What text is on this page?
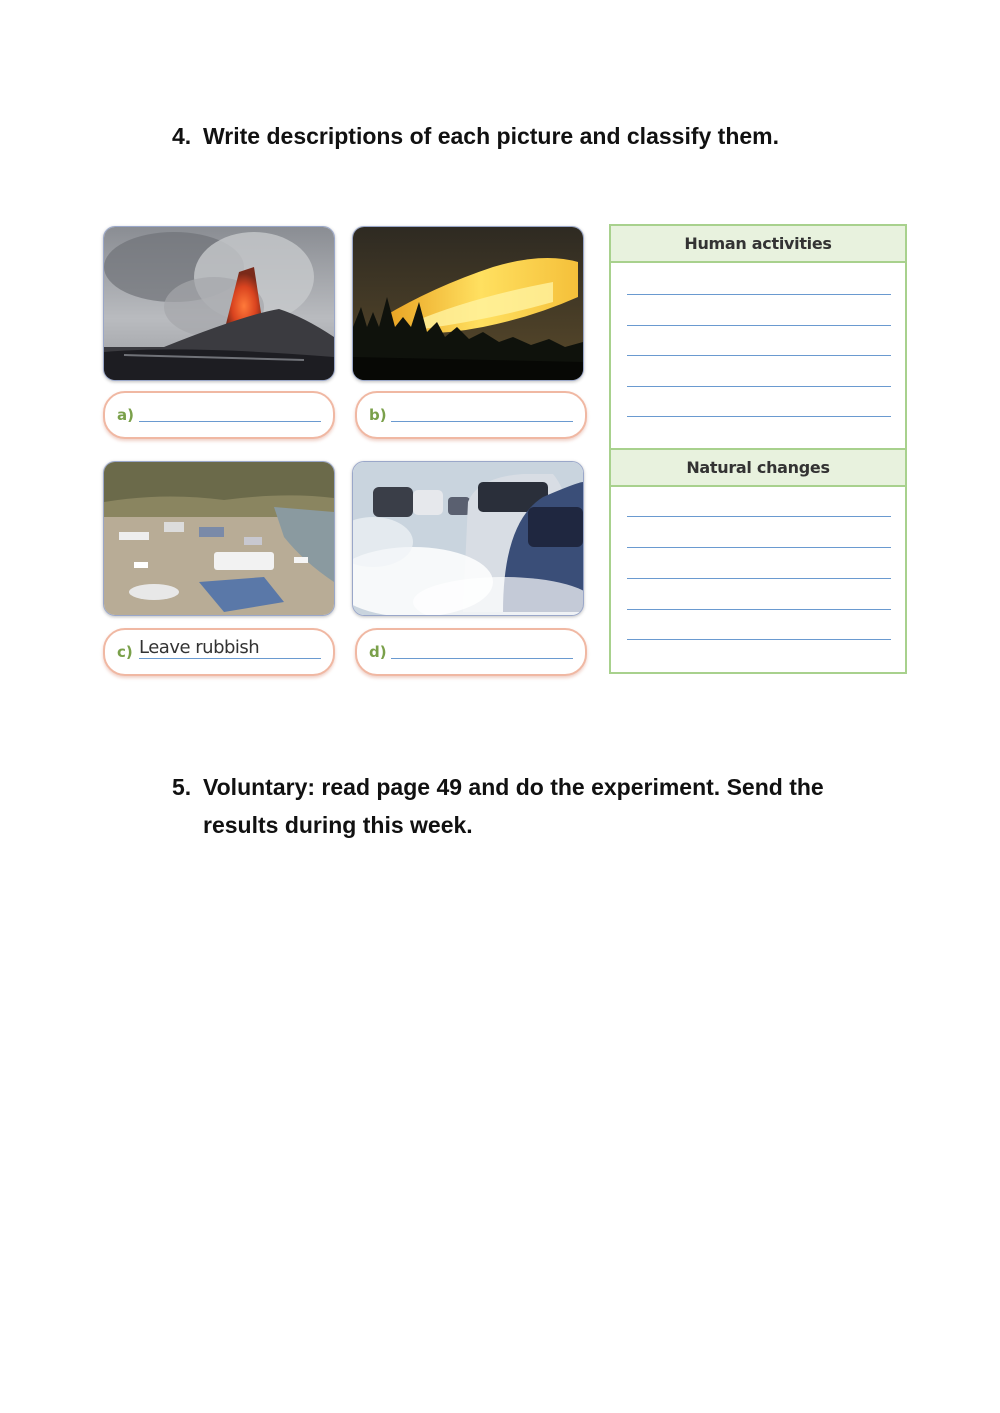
4. Write descriptions of each picture and classify them.
a)	b)
c) Leave rubbish	d)
Human activities
Natural changes
5. Voluntary: read page 49 and do the experiment. Send the results during this week.
